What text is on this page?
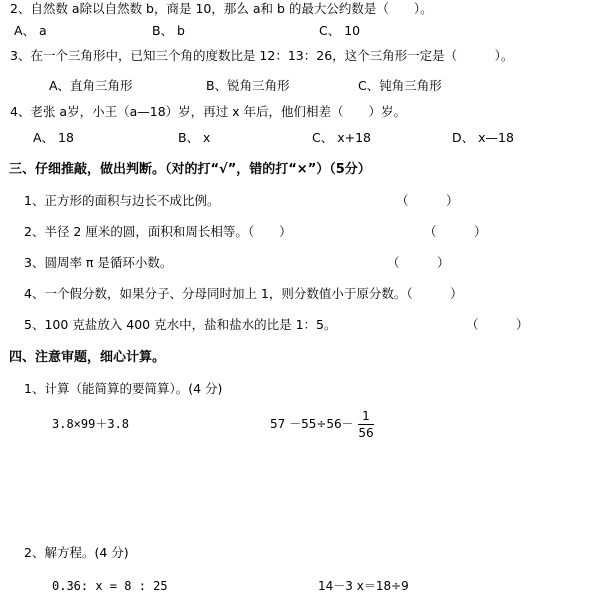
2、自然数 a除以自然数 b，商是 10，那么 a和 b 的最大公约数是（　　）。
A、 a	B、 b	C、 10
3、在一个三角形中，已知三个角的度数比是 12：13：26，这个三角形一定是（　　　）。
A、直角三角形	B、锐角三角形	C、钝角三角形
4、老张 a岁，小王（a—18）岁，再过 x 年后，他们相差（　　）岁。
A、 18	B、 x	C、 x+18	D、 x—18
三、仔细推敲，做出判断。（对的打“√”，错的打“×”）（5分）
1、正方形的面积与边长不成比例。	（　　　）
2、半径 2 厘米的圆，面积和周长相等。（　　）	（　　　）
3、圆周率 π 是循环小数。	（　　　）
4、一个假分数，如果分子、分母同时加上 1，则分数值小于原分数。（　　　）
5、100 克盐放入 400 克水中，盐和盐水的比是 1：5。	（　　　）
四、注意审题，细心计算。
1、计算（能简算的要简算）。(4 分)
3.8×99＋3.8	57 －55÷56－
1
56
2、解方程。(4 分)
0.36: x = 8 : 25	14－3 x＝18÷9
